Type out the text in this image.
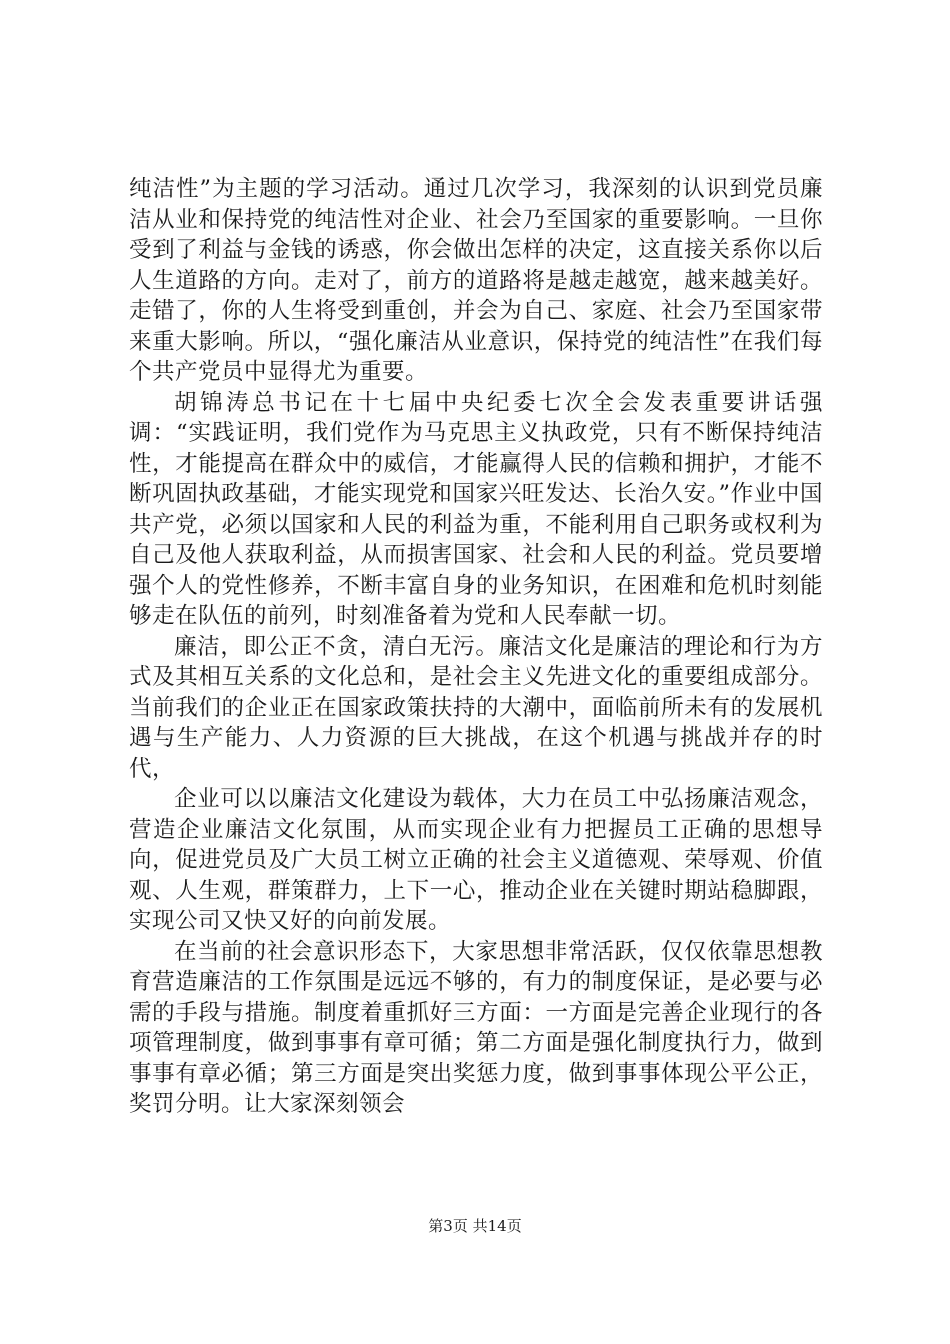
纯洁性”为主题的学习活动。通过几次学习，我深刻的认识到党员廉洁从业和保持党的纯洁性对企业、社会乃至国家的重要影响。一旦你受到了利益与金钱的诱惑，你会做出怎样的决定，这直接关系你以后人生道路的方向。走对了，前方的道路将是越走越宽，越来越美好。走错了，你的人生将受到重创，并会为自己、家庭、社会乃至国家带来重大影响。所以，“强化廉洁从业意识，保持党的纯洁性”在我们每个共产党员中显得尤为重要。

胡锦涛总书记在十七届中央纪委七次全会发表重要讲话强调：“实践证明，我们党作为马克思主义执政党，只有不断保持纯洁性，才能提高在群众中的威信，才能赢得人民的信赖和拥护，才能不断巩固执政基础，才能实现党和国家兴旺发达、长治久安。”作业中国共产党，必须以国家和人民的利益为重，不能利用自己职务或权利为自己及他人获取利益，从而损害国家、社会和人民的利益。党员要增强个人的党性修养，不断丰富自身的业务知识，在困难和危机时刻能够走在队伍的前列，时刻准备着为党和人民奉献一切。

廉洁，即公正不贪，清白无污。廉洁文化是廉洁的理论和行为方式及其相互关系的文化总和，是社会主义先进文化的重要组成部分。当前我们的企业正在国家政策扶持的大潮中，面临前所未有的发展机遇与生产能力、人力资源的巨大挑战，在这个机遇与挑战并存的时代，

企业可以以廉洁文化建设为载体，大力在员工中弘扬廉洁观念，营造企业廉洁文化氛围，从而实现企业有力把握员工正确的思想导向，促进党员及广大员工树立正确的社会主义道德观、荣辱观、价值观、人生观，群策群力，上下一心，推动企业在关键时期站稳脚跟，实现公司又快又好的向前发展。

在当前的社会意识形态下，大家思想非常活跃，仅仅依靠思想教育营造廉洁的工作氛围是远远不够的，有力的制度保证，是必要与必需的手段与措施。制度着重抓好三方面：一方面是完善企业现行的各项管理制度，做到事事有章可循；第二方面是强化制度执行力，做到事事有章必循；第三方面是突出奖惩力度，做到事事体现公平公正，奖罚分明。让大家深刻领会

第3页 共14页
